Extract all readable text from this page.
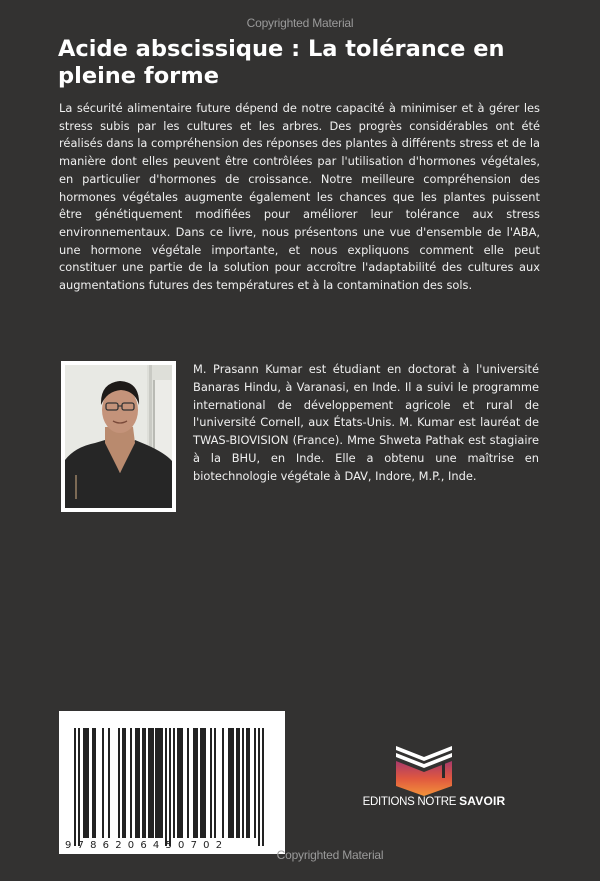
Copyrighted Material
Acide abscissique : La tolérance en pleine forme

La sécurité alimentaire future dépend de notre capacité à minimiser et à gérer les stress subis par les cultures et les arbres. Des progrès considérables ont été réalisés dans la compréhension des réponses des plantes à différents stress et de la manière dont elles peuvent être contrôlées par l'utilisation d'hormones végétales, en particulier d'hormones de croissance. Notre meilleure compréhension des hormones végétales augmente également les chances que les plantes puissent être génétiquement modifiées pour améliorer leur tolérance aux stress environnementaux. Dans ce livre, nous présentons une vue d'ensemble de l'ABA, une hormone végétale importante, et nous expliquons comment elle peut constituer une partie de la solution pour accroître l'adaptabilité des cultures aux augmentations futures des températures et à la contamination des sols.

M. Prasann Kumar est étudiant en doctorat à l'université Banaras Hindu, à Varanasi, en Inde. Il a suivi le programme international de développement agricole et rural de l'université Cornell, aux États-Unis. M. Kumar est lauréat de TWAS-BIOVISION (France). Mme Shweta Pathak est stagiaire à la BHU, en Inde. Elle a obtenu une maîtrise en biotechnologie végétale à DAV, Indore, M.P., Inde.

9786206450702
Copyrighted Material
EDITIONS NOTRE SAVOIR
